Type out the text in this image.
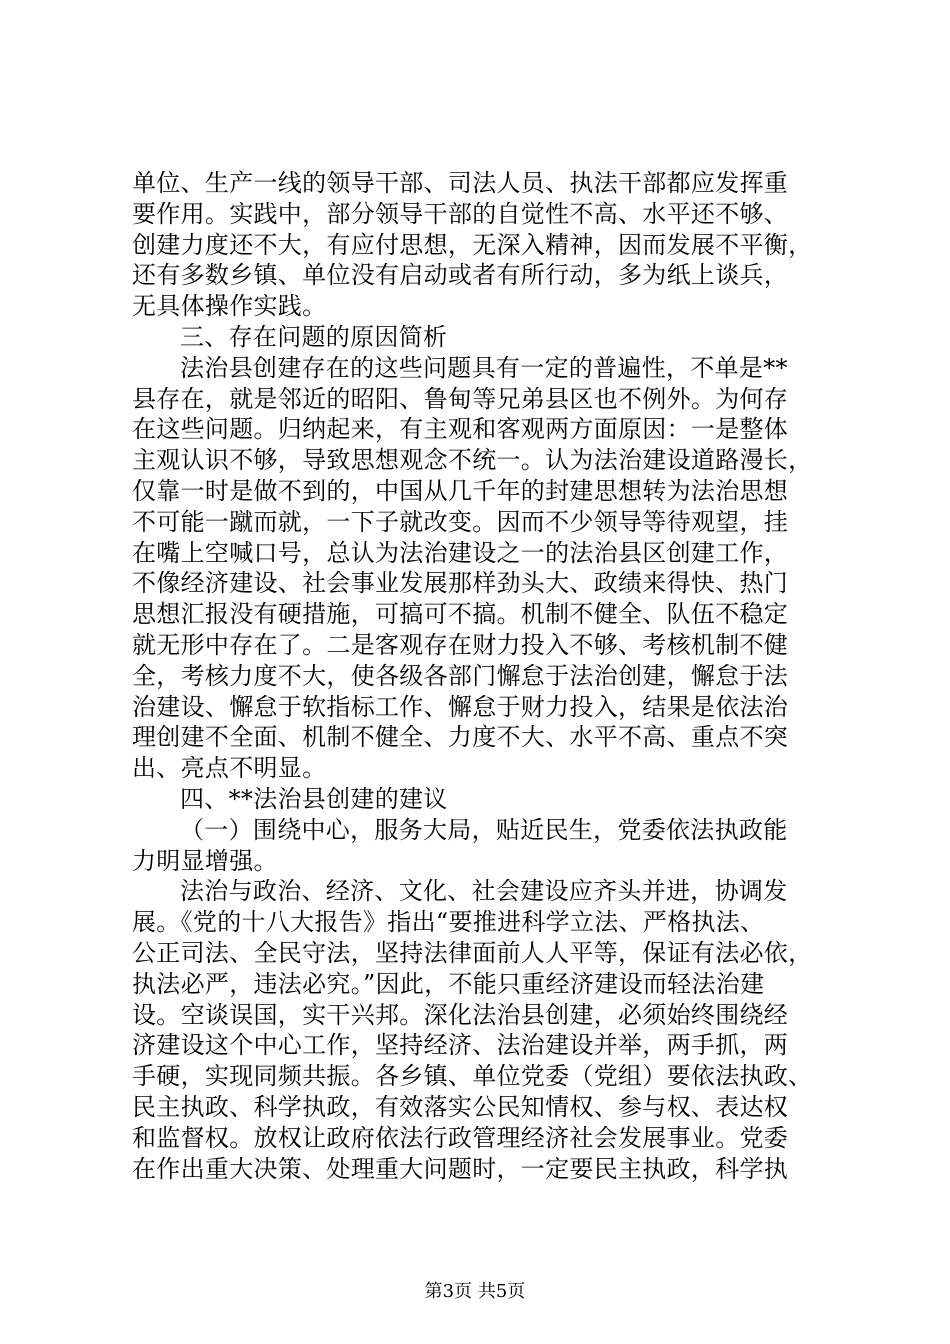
单位、生产一线的领导干部、司法人员、执法干部都应发挥重
要作用。实践中，部分领导干部的自觉性不高、水平还不够、
创建力度还不大，有应付思想，无深入精神，因而发展不平衡，
还有多数乡镇、单位没有启动或者有所行动，多为纸上谈兵，
无具体操作实践。
三、存在问题的原因简析
法治县创建存在的这些问题具有一定的普遍性，不单是**
县存在，就是邻近的昭阳、鲁甸等兄弟县区也不例外。为何存
在这些问题。归纳起来，有主观和客观两方面原因：一是整体
主观认识不够，导致思想观念不统一。认为法治建设道路漫长，
仅靠一时是做不到的，中国从几千年的封建思想转为法治思想
不可能一蹴而就，一下子就改变。因而不少领导等待观望，挂
在嘴上空喊口号，总认为法治建设之一的法治县区创建工作，
不像经济建设、社会事业发展那样劲头大、政绩来得快、热门
思想汇报没有硬措施，可搞可不搞。机制不健全、队伍不稳定
就无形中存在了。二是客观存在财力投入不够、考核机制不健
全，考核力度不大，使各级各部门懈怠于法治创建，懈怠于法
治建设、懈怠于软指标工作、懈怠于财力投入，结果是依法治
理创建不全面、机制不健全、力度不大、水平不高、重点不突
出、亮点不明显。
四、**法治县创建的建议
（一）围绕中心，服务大局，贴近民生，党委依法执政能
力明显增强。
法治与政治、经济、文化、社会建设应齐头并进，协调发
展。《党的十八大报告》指出“要推进科学立法、严格执法、
公正司法、全民守法，坚持法律面前人人平等，保证有法必依，
执法必严，违法必究。”因此，不能只重经济建设而轻法治建
设。空谈误国，实干兴邦。深化法治县创建，必须始终围绕经
济建设这个中心工作，坚持经济、法治建设并举，两手抓，两
手硬，实现同频共振。各乡镇、单位党委（党组）要依法执政、
民主执政、科学执政，有效落实公民知情权、参与权、表达权
和监督权。放权让政府依法行政管理经济社会发展事业。党委
在作出重大决策、处理重大问题时，一定要民主执政，科学执
第3页 共5页
